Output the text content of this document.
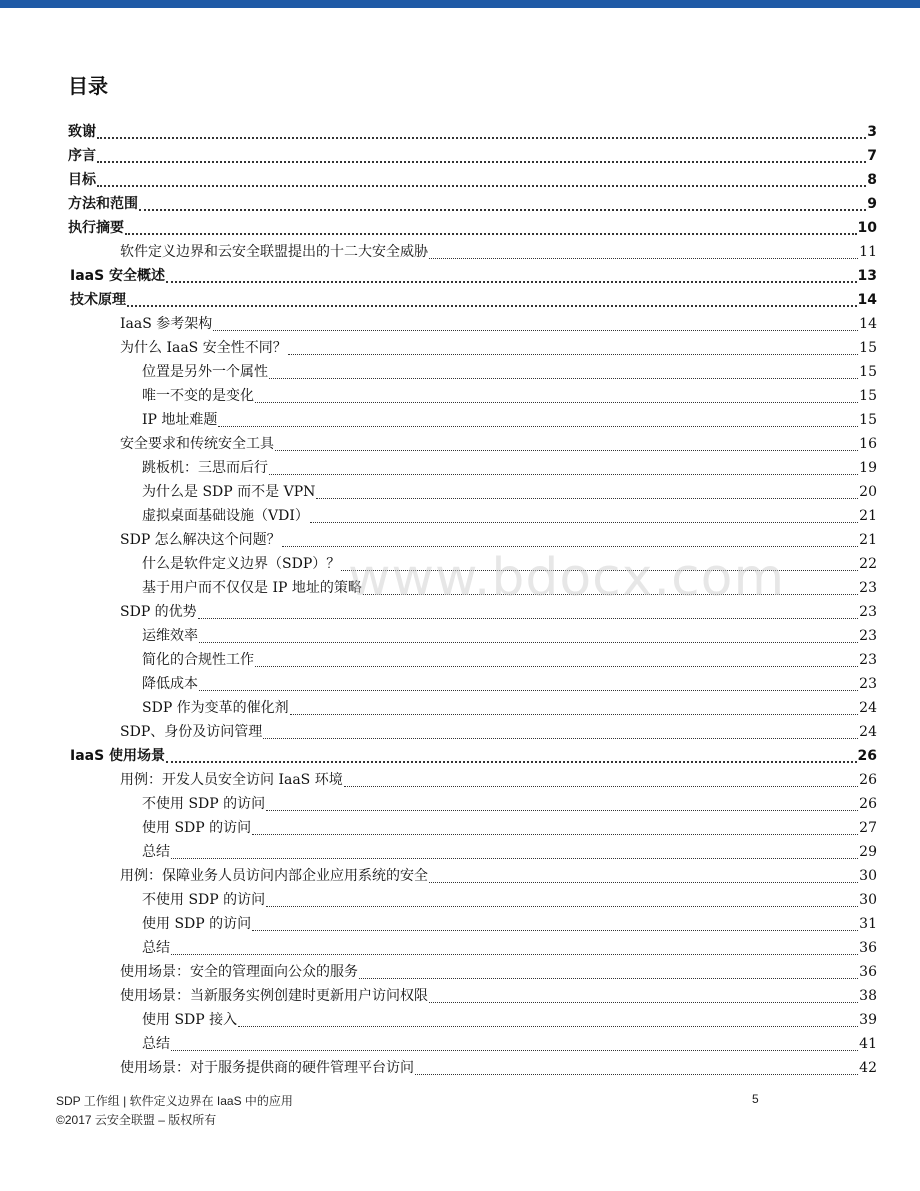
目录
致谢	3
序言	7
目标	8
方法和范围	9
执行摘要	10
软件定义边界和云安全联盟提出的十二大安全威胁	11
IaaS 安全概述	13
技术原理	14
IaaS 参考架构	14
为什么 IaaS 安全性不同？	15
位置是另外一个属性	15
唯一不变的是变化	15
IP 地址难题	15
安全要求和传统安全工具	16
跳板机：三思而后行	19
为什么是 SDP 而不是 VPN	20
虚拟桌面基础设施（VDI）	21
SDP 怎么解决这个问题？	21
什么是软件定义边界（SDP）？	22
基于用户而不仅仅是 IP 地址的策略	23
SDP 的优势	23
运维效率	23
简化的合规性工作	23
降低成本	23
SDP 作为变革的催化剂	24
SDP、身份及访问管理	24
IaaS 使用场景	26
用例：开发人员安全访问 IaaS 环境	26
不使用 SDP 的访问	26
使用 SDP 的访问	27
总结	29
用例：保障业务人员访问内部企业应用系统的安全	30
不使用 SDP 的访问	30
使用 SDP 的访问	31
总结	36
使用场景：安全的管理面向公众的服务	36
使用场景：当新服务实例创建时更新用户访问权限	38
使用 SDP 接入	39
总结	41
使用场景：对于服务提供商的硬件管理平台访问	42
www.bdocx.com
SDP 工作组 | 软件定义边界在 IaaS 中的应用
©2017 云安全联盟 – 版权所有
5
